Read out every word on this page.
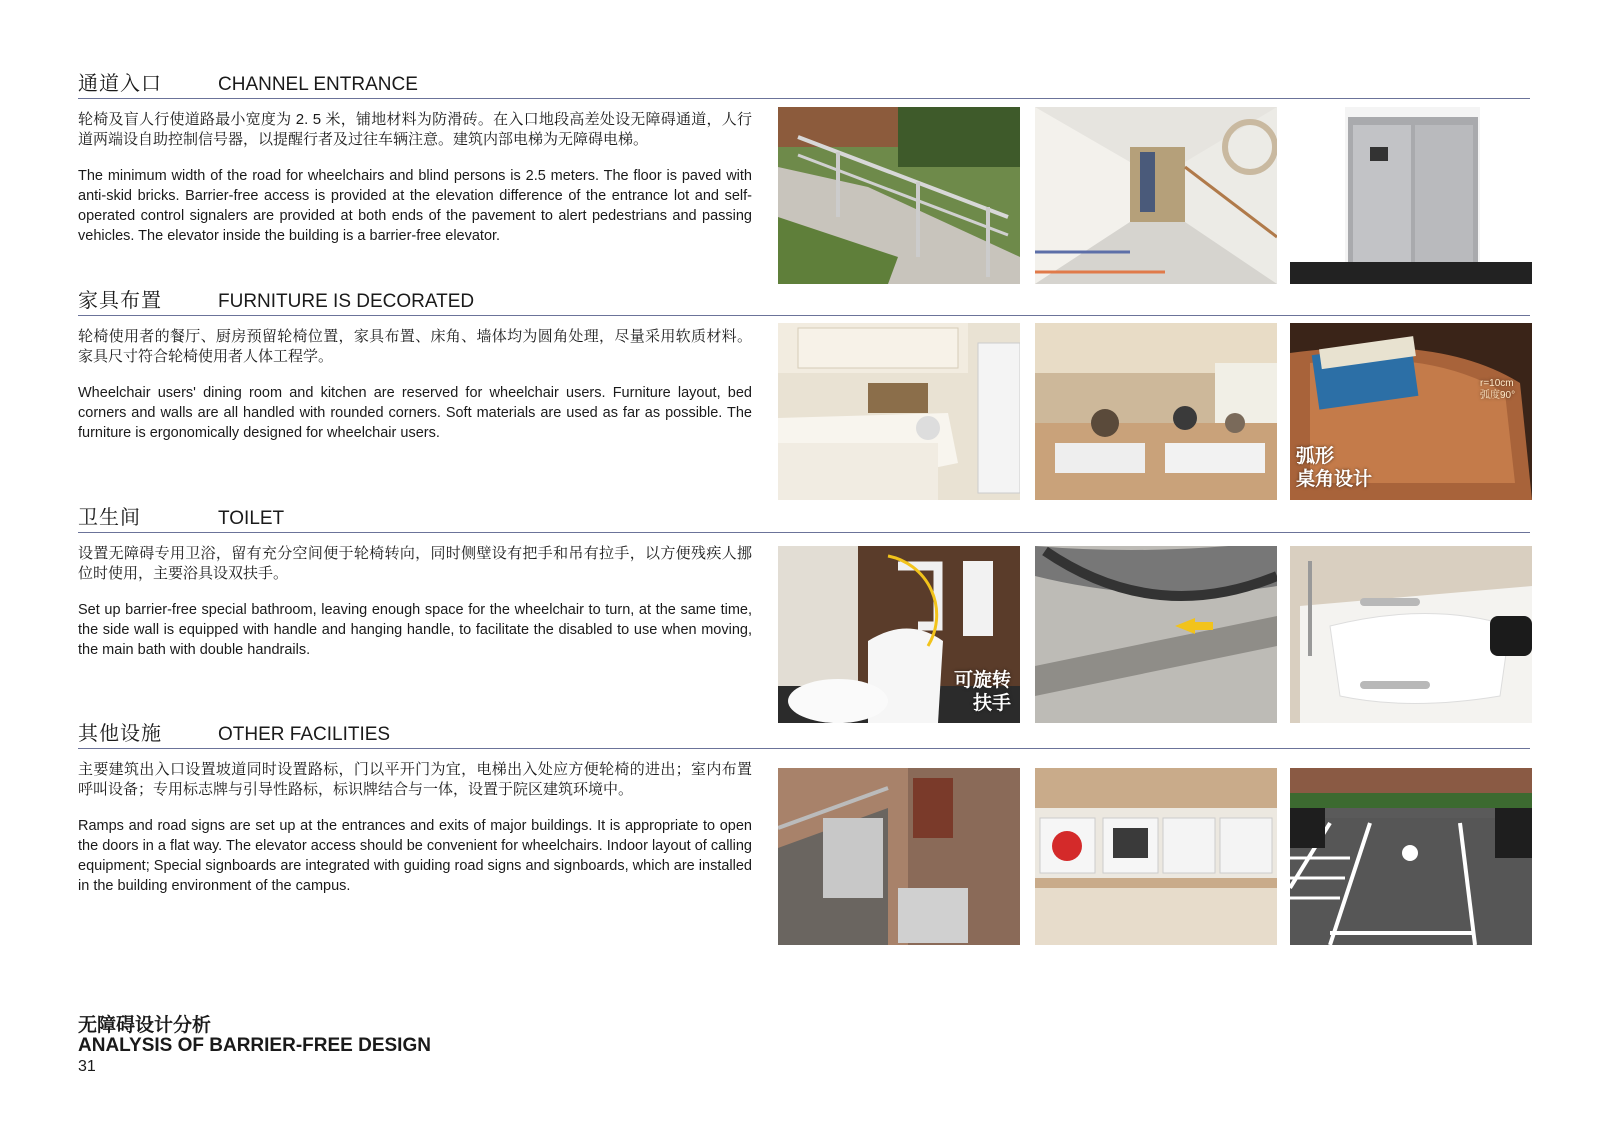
通道入口	CHANNEL ENTRANCE

轮椅及盲人行使道路最小宽度为 2. 5 米，铺地材料为防滑砖。在入口地段高差处设无障碍通道，人行道两端设自助控制信号器，以提醒行者及过往车辆注意。建筑内部电梯为无障碍电梯。

The minimum width of the road for wheelchairs and blind persons is 2.5 meters. The floor is paved with anti-skid bricks. Barrier-free access is provided at the elevation difference of the entrance lot and self-operated control signalers are provided at both ends of the pavement to alert pedestrians and passing vehicles. The elevator inside the building is a barrier-free elevator.

家具布置	FURNITURE IS DECORATED

轮椅使用者的餐厅、厨房预留轮椅位置，家具布置、床角、墙体均为圆角处理，尽量采用软质材料。家具尺寸符合轮椅使用者人体工程学。

Wheelchair users' dining room and kitchen are reserved for wheelchair users. Furniture layout, bed corners and walls are all handled with rounded corners. Soft materials are used as far as possible. The furniture is ergonomically designed for wheelchair users.

弧形
桌角设计
r=10cm
弧度90°
卫生间	TOILET

设置无障碍专用卫浴，留有充分空间便于轮椅转向，同时侧壁设有把手和吊有拉手，以方便残疾人挪位时使用，主要浴具设双扶手。

Set up barrier-free special bathroom, leaving enough space for the wheelchair to turn, at the same time, the side wall is equipped with handle and hanging handle, to facilitate the disabled to use when moving, the main bath with double handrails.

可旋转
扶手
其他设施	OTHER FACILITIES

主要建筑出入口设置坡道同时设置路标，门以平开门为宜，电梯出入处应方便轮椅的进出；室内布置呼叫设备；专用标志牌与引导性路标，标识牌结合与一体，设置于院区建筑环境中。

Ramps and road signs are set up at the entrances and exits of major buildings. It is appropriate to open the doors in a flat way. The elevator access should be convenient for wheelchairs. Indoor layout of calling equipment; Special signboards are integrated with guiding road signs and signboards, which are installed in the building environment of the campus.

无障碍设计分析
ANALYSIS OF BARRIER-FREE DESIGN
31
